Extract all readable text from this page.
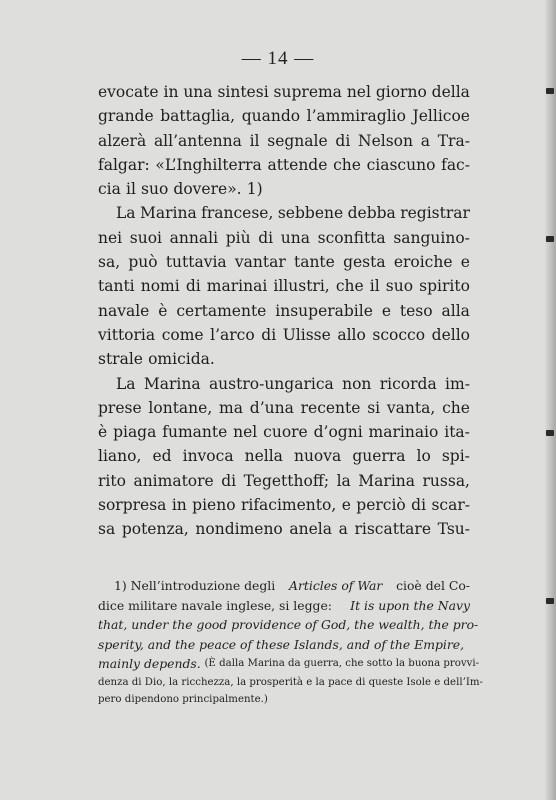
— 14 —
evocate in una sintesi suprema nel giorno della
grande battaglia, quando l’ammiraglio Jellicoe
alzerà all’antenna il segnale di Nelson a Tra-
falgar: «L’Inghilterra attende che ciascuno fac-
cia il suo dovere». 1)
La Marina francese, sebbene debba registrar
nei suoi annali più di una sconfitta sanguino-
sa, può tuttavia vantar tante gesta eroiche e
tanti nomi di marinai illustri, che il suo spirito
navale è certamente insuperabile e teso alla
vittoria come l’arco di Ulisse allo scocco dello
strale omicida.
La Marina austro-ungarica non ricorda im-
prese lontane, ma d’una recente si vanta, che
è piaga fumante nel cuore d’ogni marinaio ita-
liano, ed invoca nella nuova guerra lo spi-
rito animatore di Tegetthoff; la Marina russa,
sorpresa in pieno rifacimento, e perciò di scar-
sa potenza, nondimeno anela a riscattare Tsu-
1) Nell’introduzione degli Articles of War cioè del Co-
dice militare navale inglese, si legge: It is upon the Navy
that, under the good providence of God, the wealth, the pro-
sperity, and the peace of these Islands, and of the Empire,
mainly depends. (È dalla Marina da guerra, che sotto la buona provvi-
denza di Dio, la ricchezza, la prosperità e la pace di queste Isole e dell’Im-
pero dipendono principalmente.)
